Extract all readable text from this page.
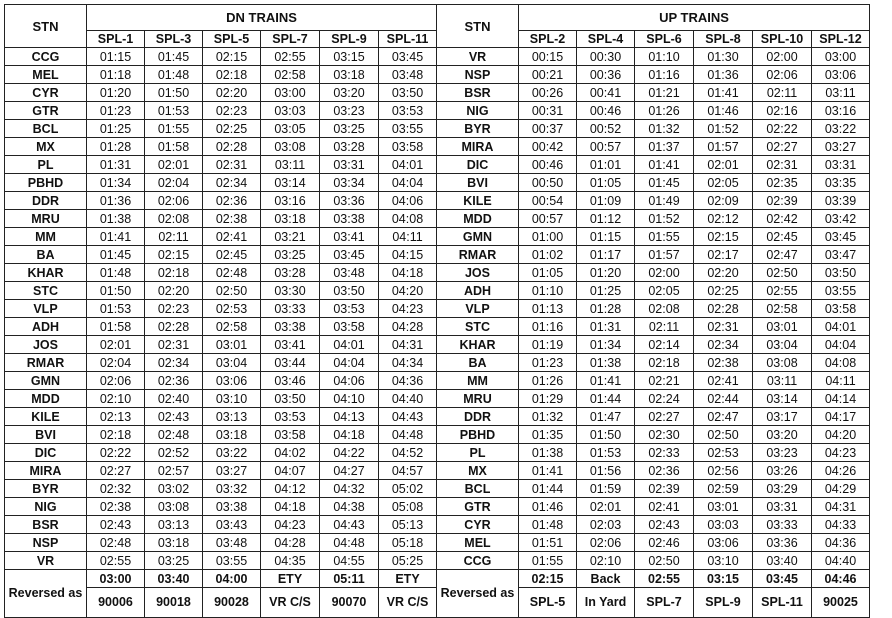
STN	DN TRAINS						STN	UP TRAINS					
	SPL-1	SPL-3	SPL-5	SPL-7	SPL-9	SPL-11		SPL-2	SPL-4	SPL-6	SPL-8	SPL-10	SPL-12
CCG	01:15	01:45	02:15	02:55	03:15	03:45	VR	00:15	00:30	01:10	01:30	02:00	03:00
MEL	01:18	01:48	02:18	02:58	03:18	03:48	NSP	00:21	00:36	01:16	01:36	02:06	03:06
CYR	01:20	01:50	02:20	03:00	03:20	03:50	BSR	00:26	00:41	01:21	01:41	02:11	03:11
GTR	01:23	01:53	02:23	03:03	03:23	03:53	NIG	00:31	00:46	01:26	01:46	02:16	03:16
BCL	01:25	01:55	02:25	03:05	03:25	03:55	BYR	00:37	00:52	01:32	01:52	02:22	03:22
MX	01:28	01:58	02:28	03:08	03:28	03:58	MIRA	00:42	00:57	01:37	01:57	02:27	03:27
PL	01:31	02:01	02:31	03:11	03:31	04:01	DIC	00:46	01:01	01:41	02:01	02:31	03:31
PBHD	01:34	02:04	02:34	03:14	03:34	04:04	BVI	00:50	01:05	01:45	02:05	02:35	03:35
DDR	01:36	02:06	02:36	03:16	03:36	04:06	KILE	00:54	01:09	01:49	02:09	02:39	03:39
MRU	01:38	02:08	02:38	03:18	03:38	04:08	MDD	00:57	01:12	01:52	02:12	02:42	03:42
MM	01:41	02:11	02:41	03:21	03:41	04:11	GMN	01:00	01:15	01:55	02:15	02:45	03:45
BA	01:45	02:15	02:45	03:25	03:45	04:15	RMAR	01:02	01:17	01:57	02:17	02:47	03:47
KHAR	01:48	02:18	02:48	03:28	03:48	04:18	JOS	01:05	01:20	02:00	02:20	02:50	03:50
STC	01:50	02:20	02:50	03:30	03:50	04:20	ADH	01:10	01:25	02:05	02:25	02:55	03:55
VLP	01:53	02:23	02:53	03:33	03:53	04:23	VLP	01:13	01:28	02:08	02:28	02:58	03:58
ADH	01:58	02:28	02:58	03:38	03:58	04:28	STC	01:16	01:31	02:11	02:31	03:01	04:01
JOS	02:01	02:31	03:01	03:41	04:01	04:31	KHAR	01:19	01:34	02:14	02:34	03:04	04:04
RMAR	02:04	02:34	03:04	03:44	04:04	04:34	BA	01:23	01:38	02:18	02:38	03:08	04:08
GMN	02:06	02:36	03:06	03:46	04:06	04:36	MM	01:26	01:41	02:21	02:41	03:11	04:11
MDD	02:10	02:40	03:10	03:50	04:10	04:40	MRU	01:29	01:44	02:24	02:44	03:14	04:14
KILE	02:13	02:43	03:13	03:53	04:13	04:43	DDR	01:32	01:47	02:27	02:47	03:17	04:17
BVI	02:18	02:48	03:18	03:58	04:18	04:48	PBHD	01:35	01:50	02:30	02:50	03:20	04:20
DIC	02:22	02:52	03:22	04:02	04:22	04:52	PL	01:38	01:53	02:33	02:53	03:23	04:23
MIRA	02:27	02:57	03:27	04:07	04:27	04:57	MX	01:41	01:56	02:36	02:56	03:26	04:26
BYR	02:32	03:02	03:32	04:12	04:32	05:02	BCL	01:44	01:59	02:39	02:59	03:29	04:29
NIG	02:38	03:08	03:38	04:18	04:38	05:08	GTR	01:46	02:01	02:41	03:01	03:31	04:31
BSR	02:43	03:13	03:43	04:23	04:43	05:13	CYR	01:48	02:03	02:43	03:03	03:33	04:33
NSP	02:48	03:18	03:48	04:28	04:48	05:18	MEL	01:51	02:06	02:46	03:06	03:36	04:36
VR	02:55	03:25	03:55	04:35	04:55	05:25	CCG	01:55	02:10	02:50	03:10	03:40	04:40
Reversed as	03:00	03:40	04:00	ETY	05:11	ETY	Reversed as	02:15	Back	02:55	03:15	03:45	04:46
	90006	90018	90028	VR C/S	90070	VR C/S		SPL-5	In Yard	SPL-7	SPL-9	SPL-11	90025
